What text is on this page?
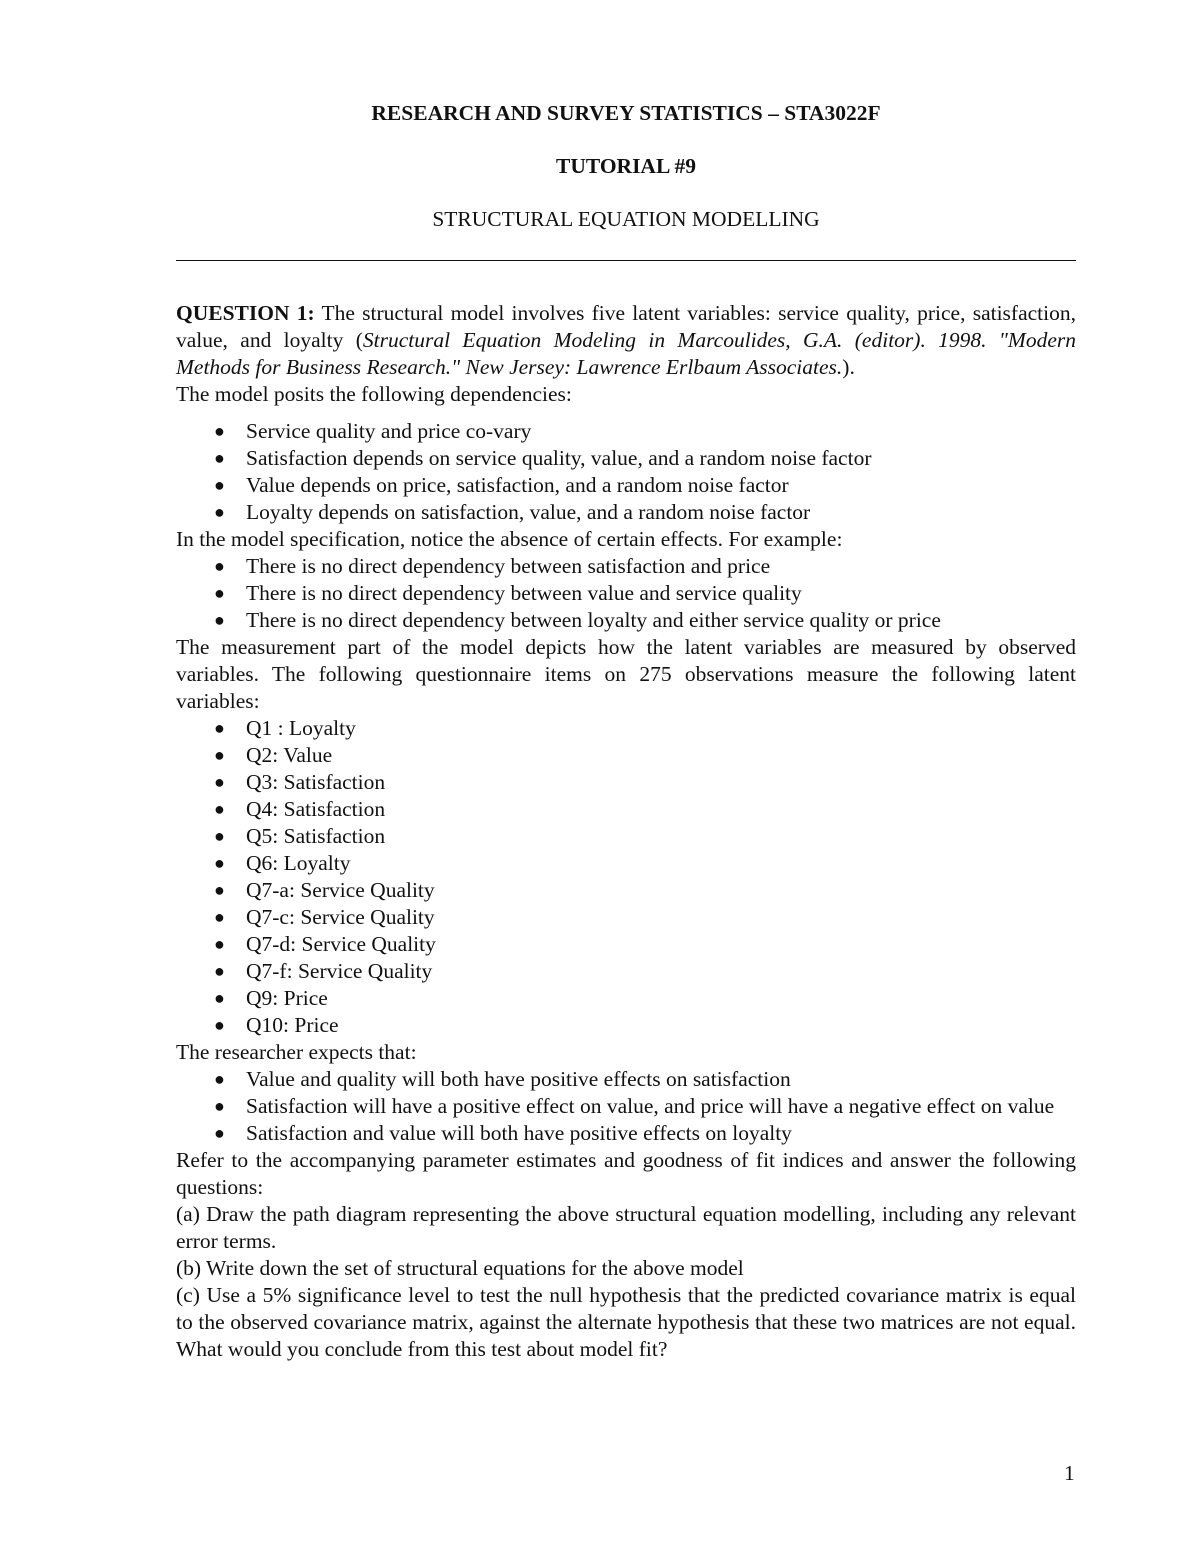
RESEARCH AND SURVEY STATISTICS – STA3022F
TUTORIAL #9
STRUCTURAL EQUATION MODELLING

QUESTION 1: The structural model involves five latent variables: service quality, price, satisfaction, value, and loyalty (Structural Equation Modeling in Marcoulides, G.A. (editor). 1998. "Modern Methods for Business Research." New Jersey: Lawrence Erlbaum Associates.).

The model posits the following dependencies:

● Service quality and price co-vary
● Satisfaction depends on service quality, value, and a random noise factor
● Value depends on price, satisfaction, and a random noise factor
● Loyalty depends on satisfaction, value, and a random noise factor

In the model specification, notice the absence of certain effects. For example:

● There is no direct dependency between satisfaction and price
● There is no direct dependency between value and service quality
● There is no direct dependency between loyalty and either service quality or price

The measurement part of the model depicts how the latent variables are measured by observed variables. The following questionnaire items on 275 observations measure the following latent variables:

● Q1 : Loyalty
● Q2: Value
● Q3: Satisfaction
● Q4: Satisfaction
● Q5: Satisfaction
● Q6: Loyalty
● Q7-a: Service Quality
● Q7-c: Service Quality
● Q7-d: Service Quality
● Q7-f: Service Quality
● Q9: Price
● Q10: Price

The researcher expects that:

● Value and quality will both have positive effects on satisfaction
● Satisfaction will have a positive effect on value, and price will have a negative effect on value
● Satisfaction and value will both have positive effects on loyalty

Refer to the accompanying parameter estimates and goodness of fit indices and answer the following questions:

(a) Draw the path diagram representing the above structural equation modelling, including any relevant error terms.

(b) Write down the set of structural equations for the above model

(c) Use a 5% significance level to test the null hypothesis that the predicted covariance matrix is equal to the observed covariance matrix, against the alternate hypothesis that these two matrices are not equal. What would you conclude from this test about model fit?

1
